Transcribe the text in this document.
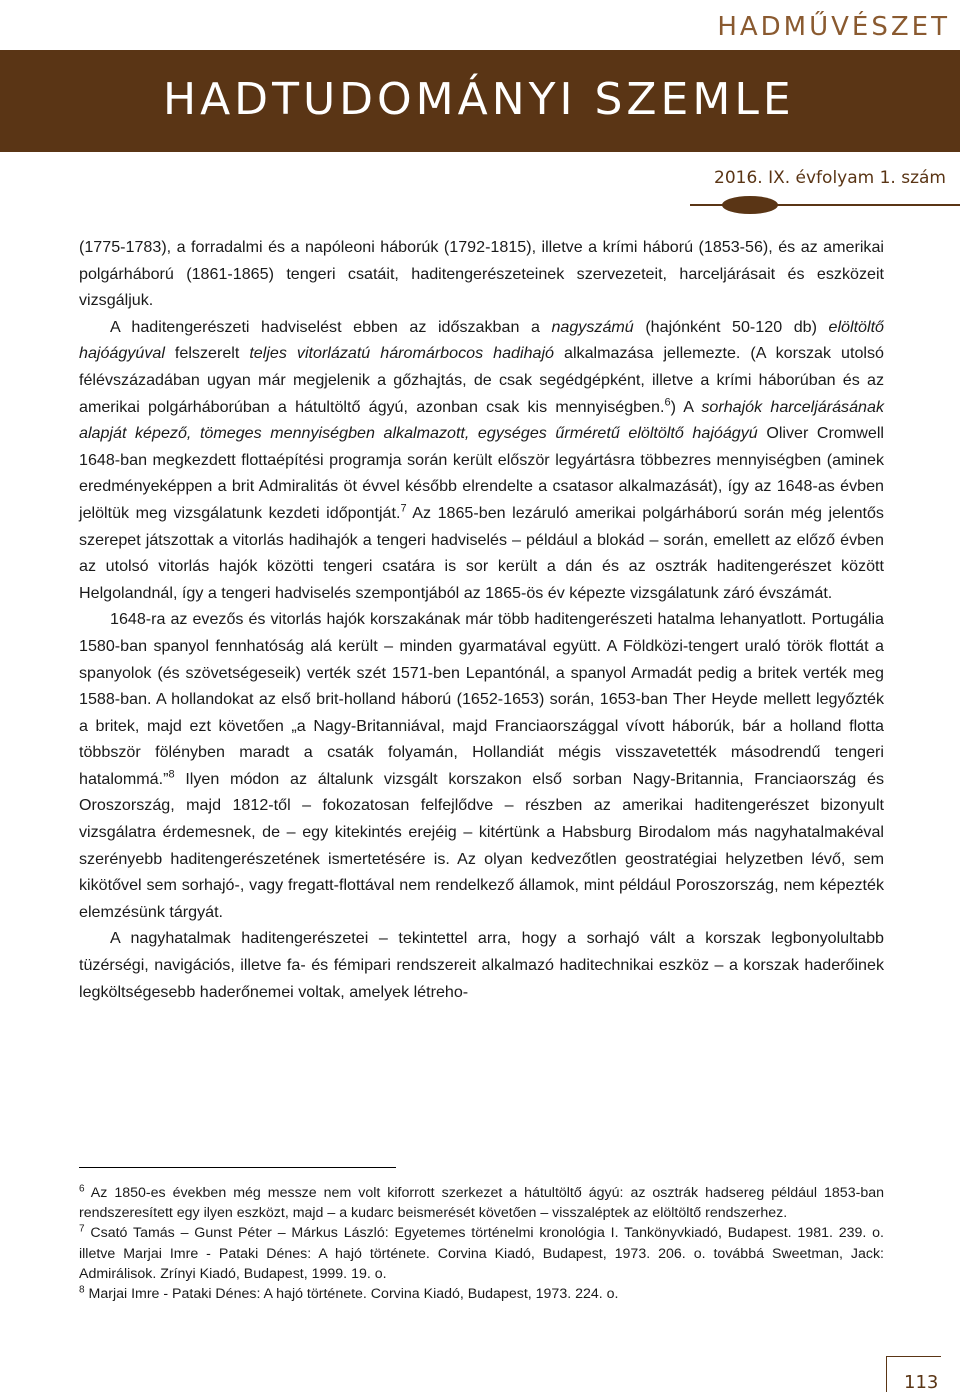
HADMŰVÉSZET
HADTUDOMÁNYI SZEMLE
2016. IX. évfolyam 1. szám

(1775-1783), a forradalmi és a napóleoni háborúk (1792-1815), illetve a krími háború (1853-56), és az amerikai polgárháború (1861-1865) tengeri csatáit, haditengerészeteinek szervezeteit, harceljárásait és eszközeit vizsgáljuk.

A haditengerészeti hadviselést ebben az időszakban a nagyszámú (hajónként 50-120 db) elöltöltő hajóágyúval felszerelt teljes vitorlázatú háromárbocos hadihajó alkalmazása jellemezte. (A korszak utolsó félévszázadában ugyan már megjelenik a gőzhajtás, de csak segédgépként, illetve a krími háborúban és az amerikai polgárháborúban a hátultöltő ágyú, azonban csak kis mennyiségben.$^6$) A sorhajók harceljárásának alapját képező, tömeges mennyiségben alkalmazott, egységes űrméretű elöltöltő hajóágyú Oliver Cromwell 1648-ban megkezdett flottaépítési programja során került először legyártásra többezres mennyiségben (aminek eredményeképpen a brit Admiralitás öt évvel később elrendelte a csatasor alkalmazását), így az 1648-as évben jelöltük meg vizsgálatunk kezdeti időpontját.$^7$ Az 1865-ben lezáruló amerikai polgárháború során még jelentős szerepet játszottak a vitorlás hadihajók a tengeri hadviselés – például a blokád – során, emellett az előző évben az utolsó vitorlás hajók közötti tengeri csatára is sor került a dán és az osztrák haditengerészet között Helgolandnál, így a tengeri hadviselés szempontjából az 1865-ös év képezte vizsgálatunk záró évszámát.

1648-ra az evezős és vitorlás hajók korszakának már több haditengerészeti hatalma lehanyatlott. Portugália 1580-ban spanyol fennhatóság alá került – minden gyarmatával együtt. A Földközi-tengert uraló török flottát a spanyolok (és szövetségeseik) verték szét 1571-ben Lepantónál, a spanyol Armadát pedig a britek verték meg 1588-ban. A hollandokat az első brit-holland háború (1652-1653) során, 1653-ban Ther Heyde mellett legyőzték a britek, majd ezt követően „a Nagy-Britanniával, majd Franciaországgal vívott háborúk, bár a holland flotta többször fölényben maradt a csaták folyamán, Hollandiát mégis visszavetették másodrendű tengeri hatalommá.”$^8$ Ilyen módon az általunk vizsgált korszakon első sorban Nagy-Britannia, Franciaország és Oroszország, majd 1812-től – fokozatosan felfejlődve – részben az amerikai haditengerészet bizonyult vizsgálatra érdemesnek, de – egy kitekintés erejéig – kitértünk a Habsburg Birodalom más nagyhatalmakéval szerényebb haditengerészetének ismertetésére is. Az olyan kedvezőtlen geostratégiai helyzetben lévő, sem kikötővel sem sorhajó-, vagy fregatt-flottával nem rendelkező államok, mint például Poroszország, nem képezték elemzésünk tárgyát.

A nagyhatalmak haditengerészetei – tekintettel arra, hogy a sorhajó vált a korszak legbonyolultabb tüzérségi, navigációs, illetve fa- és fémipari rendszereit alkalmazó haditechnikai eszköz – a korszak haderőinek legköltségesebb haderőnemei voltak, amelyek létreho-

$^6$ Az 1850-es években még messze nem volt kiforrott szerkezet a hátultöltő ágyú: az osztrák hadsereg például 1853-ban rendszeresített egy ilyen eszközt, majd – a kudarc beismerését követően – visszaléptek az elöltöltő rendszerhez.

$^7$ Csató Tamás – Gunst Péter – Márkus László: Egyetemes történelmi kronológia I. Tankönyvkiadó, Budapest. 1981. 239. o. illetve Marjai Imre - Pataki Dénes: A hajó története. Corvina Kiadó, Budapest, 1973. 206. o. továbbá Sweetman, Jack: Admirálisok. Zrínyi Kiadó, Budapest, 1999. 19. o.

$^8$ Marjai Imre - Pataki Dénes: A hajó története. Corvina Kiadó, Budapest, 1973. 224. o.

113
